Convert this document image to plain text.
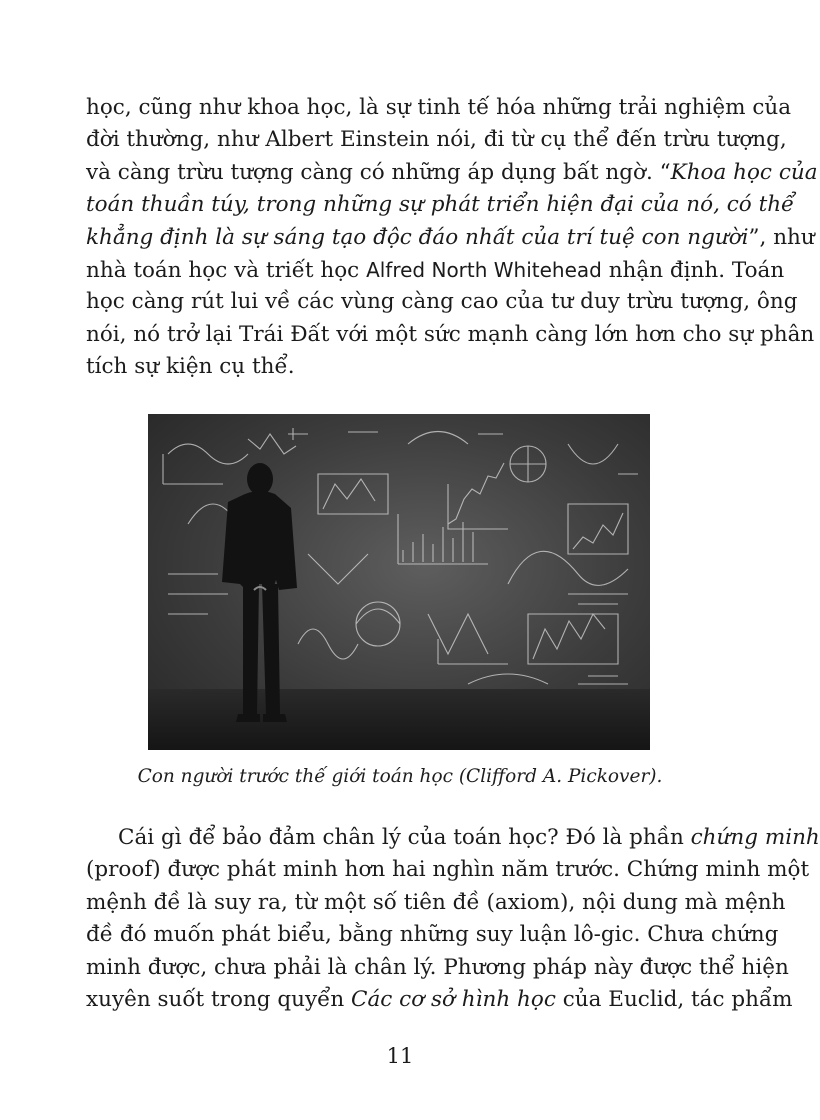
học, cũng như khoa học, là sự tinh tế hóa những trải nghiệm của
đời thường, như Albert Einstein nói, đi từ cụ thể đến trừu tượng,
và càng trừu tượng càng có những áp dụng bất ngờ. “Khoa học của
toán thuần túy, trong những sự phát triển hiện đại của nó, có thể
khẳng định là sự sáng tạo độc đáo nhất của trí tuệ con người”, như
nhà toán học và triết học Alfred North Whitehead nhận định. Toán
học càng rút lui về các vùng càng cao của tư duy trừu tượng, ông
nói, nó trở lại Trái Đất với một sức mạnh càng lớn hơn cho sự phân
tích sự kiện cụ thể.
Con người trước thế giới toán học (Clifford A. Pickover).
Cái gì để bảo đảm chân lý của toán học? Đó là phần chứng minh
(proof) được phát minh hơn hai nghìn năm trước. Chứng minh một
mệnh đề là suy ra, từ một số tiên đề (axiom), nội dung mà mệnh
đề đó muốn phát biểu, bằng những suy luận lô-gic. Chưa chứng
minh được, chưa phải là chân lý. Phương pháp này được thể hiện
xuyên suốt trong quyển Các cơ sở hình học của Euclid, tác phẩm
11
